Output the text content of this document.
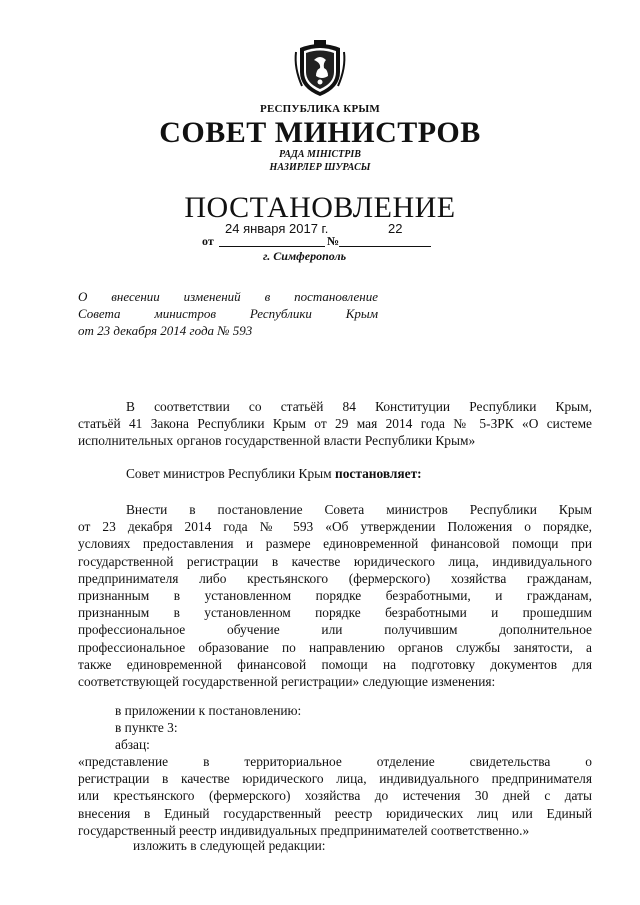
РЕСПУБЛИКА КРЫМ
СОВЕТ МИНИСТРОВ
РАДА МІНІСТРІВ
НАЗИРЛЕР ШУРАСЫ
ПОСТАНОВЛЕНИЕ
24 января 2017 г.	22
от	№
г. Симферополь
О внесении изменений в постановление
Совета министров Республики Крым
от 23 декабря 2014 года № 593
В соответствии со статьёй 84 Конституции Республики Крым,
статьёй 41 Закона Республики Крым от 29 мая 2014 года № 5-ЗРК «О системе
исполнительных органов государственной власти Республики Крым»
Совет министров Республики Крым постановляет:
Внести в постановление Совета министров Республики Крым
от 23 декабря 2014 года № 593 «Об утверждении Положения о порядке,
условиях предоставления и размере единовременной финансовой помощи при
государственной регистрации в качестве юридического лица, индивидуального
предпринимателя либо крестьянского (фермерского) хозяйства гражданам,
признанным в установленном порядке безработными, и гражданам,
признанным в установленном порядке безработными и прошедшим
профессиональное обучение или получившим дополнительное
профессиональное образование по направлению органов службы занятости, а
также единовременной финансовой помощи на подготовку документов для
соответствующей государственной регистрации» следующие изменения:
в приложении к постановлению:
в пункте 3:
абзац:
«представление в территориальное отделение свидетельства о
регистрации в качестве юридического лица, индивидуального предпринимателя
или крестьянского (фермерского) хозяйства до истечения 30 дней с даты
внесения в Единый государственный реестр юридических лиц или Единый
государственный реестр индивидуальных предпринимателей соответственно.»
изложить в следующей редакции:
